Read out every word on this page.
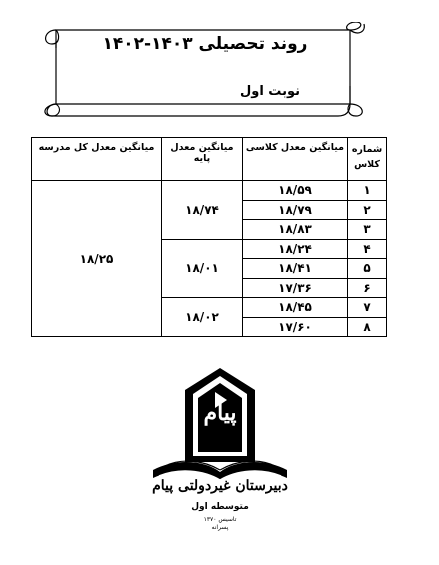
روند تحصیلی ۱۴۰۳-۱۴۰۲
نوبت اول
شماره
کلاس	میانگین معدل کلاسی	میانگین معدل پایه	میانگین معدل کل مدرسه
۱	۱۸/۵۹	۱۸/۷۴	۱۸/۲۵
۲	۱۸/۷۹		
۳	۱۸/۸۳		
۴	۱۸/۲۴	۱۸/۰۱	
۵	۱۸/۴۱		
۶	۱۷/۳۶		
۷	۱۸/۴۵	۱۸/۰۲	
۸	۱۷/۶۰		
پیام
دبیرستان غیردولتی پیام
متوسطه اول
تاسیس ۱۳۷۰
پسرانه
